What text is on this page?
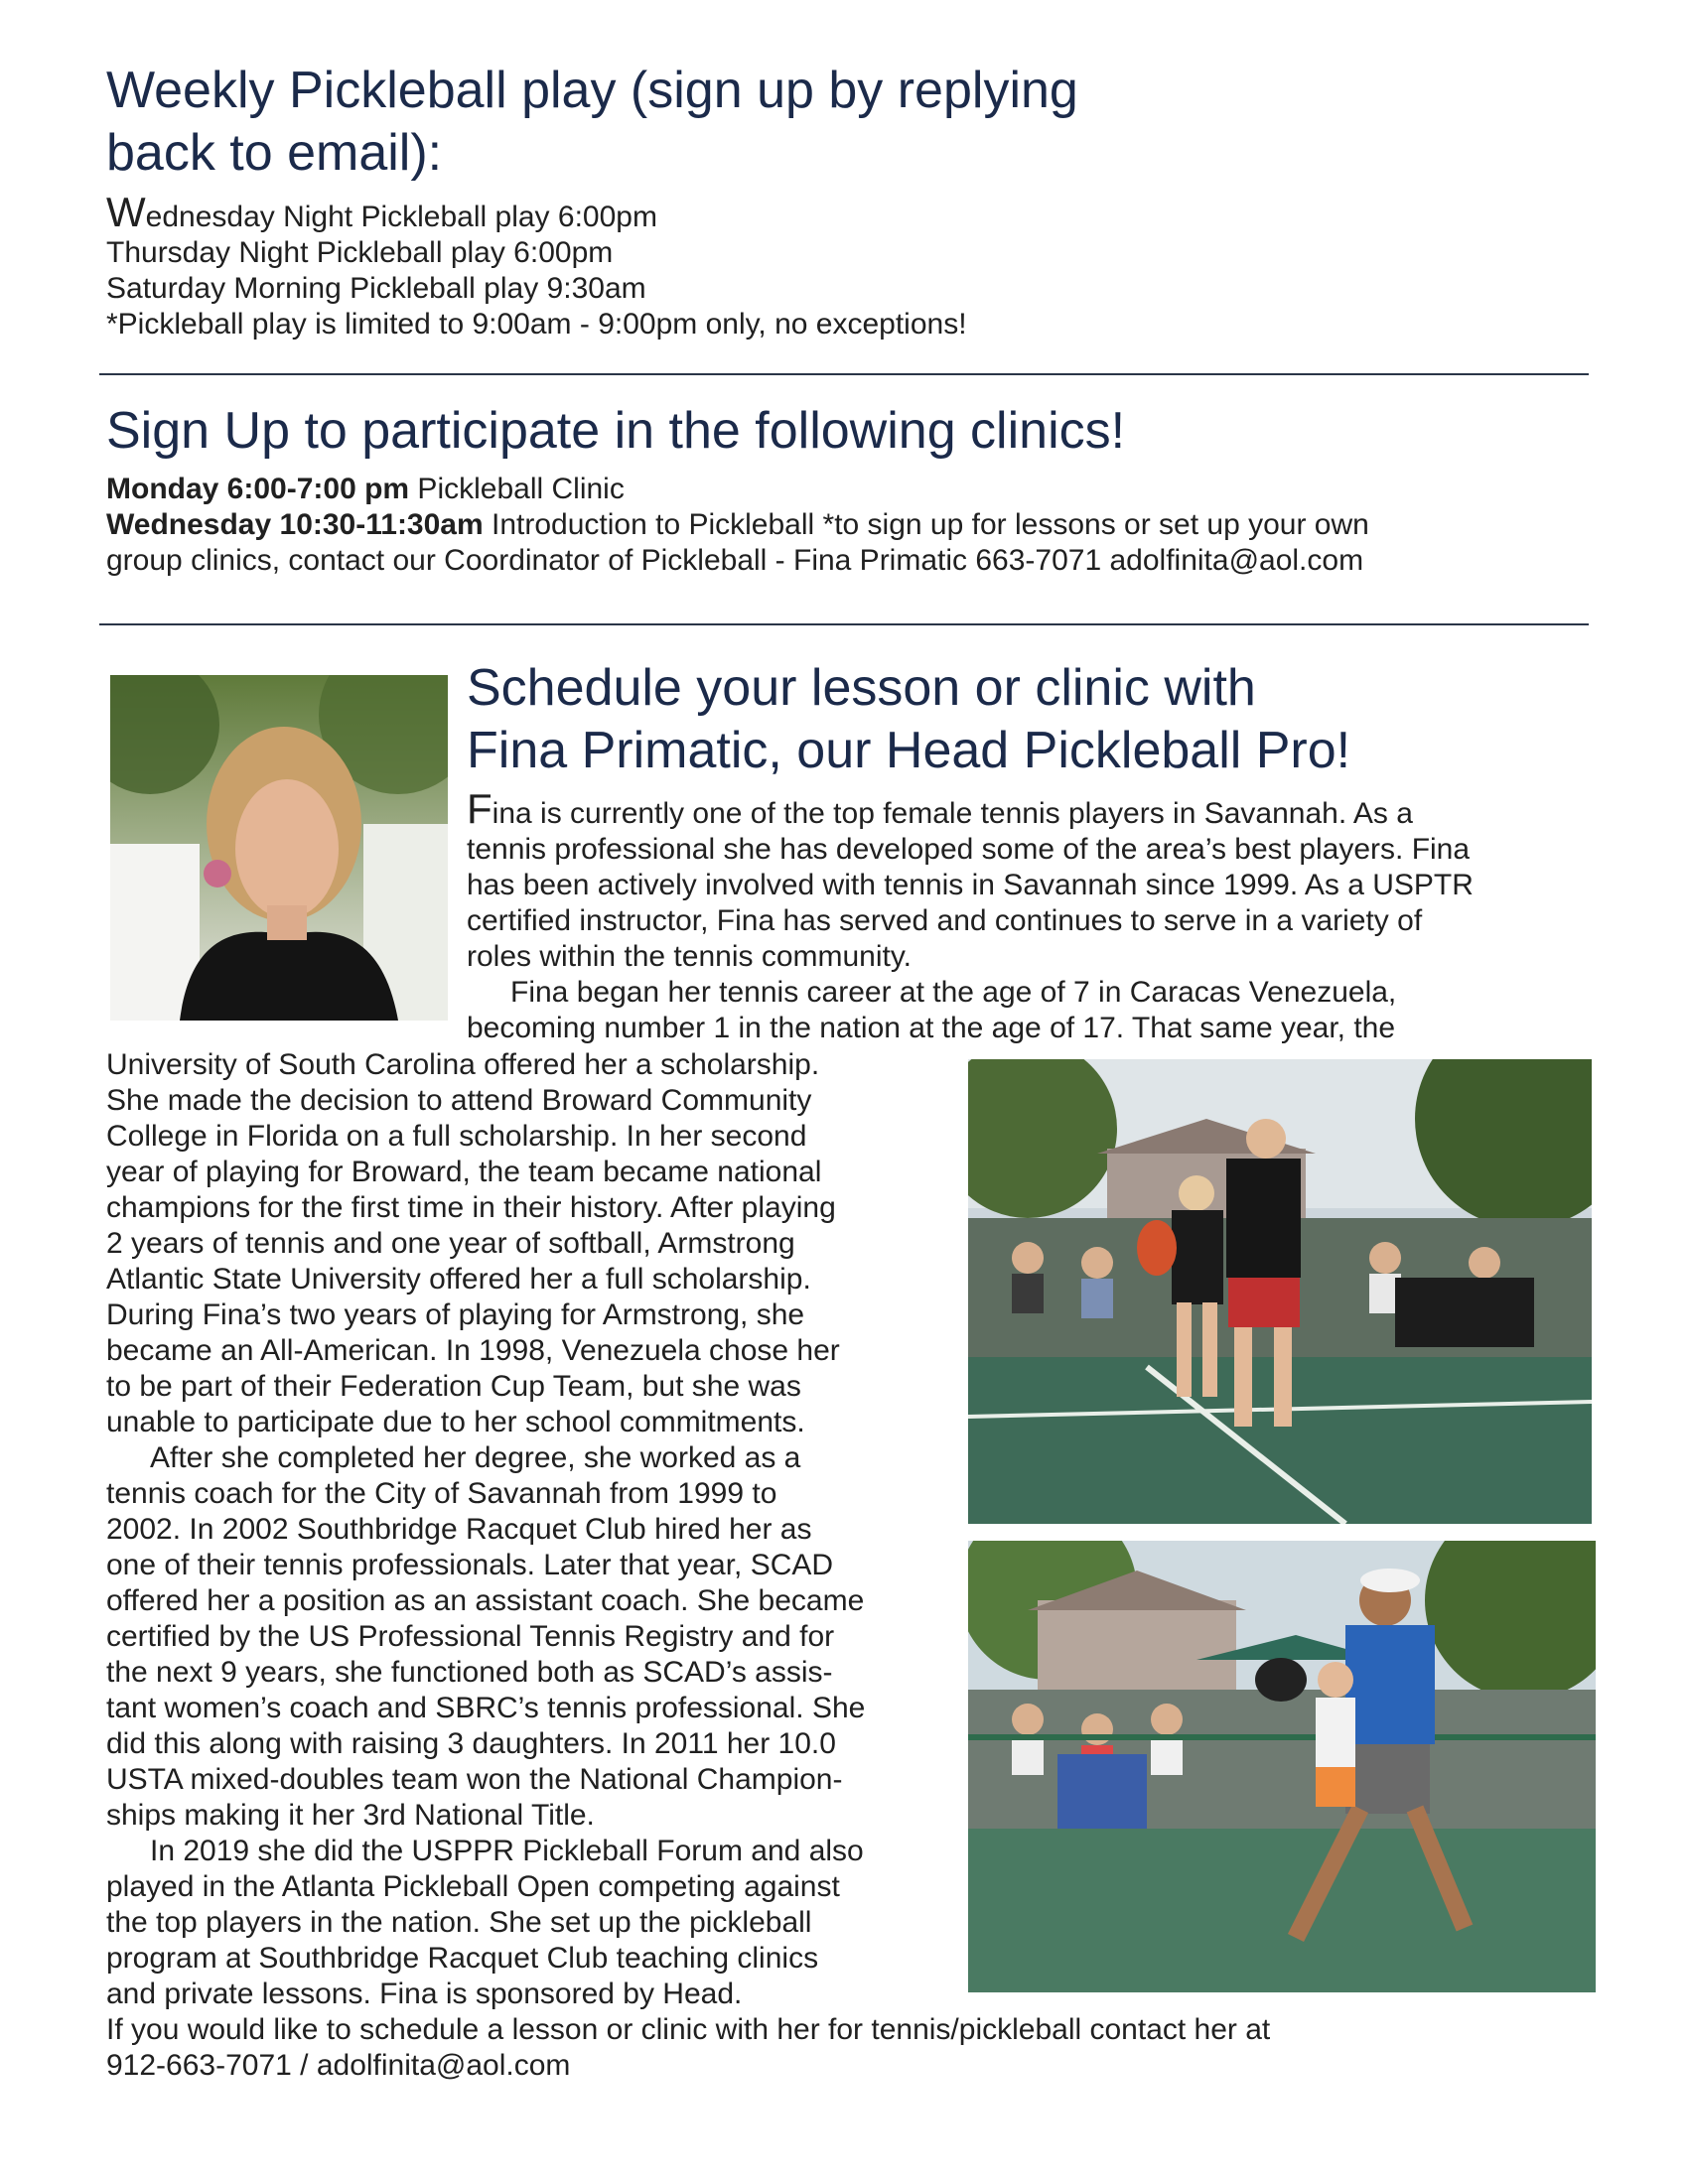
Weekly Pickleball play (sign up by replying
back to email):

Wednesday Night Pickleball play 6:00pm

Thursday Night Pickleball play 6:00pm

Saturday Morning Pickleball play 9:30am

*Pickleball play is limited to 9:00am - 9:00pm only, no exceptions!

Sign Up to participate in the following clinics!

Monday 6:00-7:00 pm Pickleball Clinic

Wednesday 10:30-11:30am Introduction to Pickleball *to sign up for lessons or set up your own

group clinics, contact our Coordinator of Pickleball - Fina Primatic 663-7071 adolfinita@aol.com

Schedule your lesson or clinic with
Fina Primatic, our Head Pickleball Pro!

Fina is currently one of the top female tennis players in Savannah. As a

tennis professional she has developed some of the area’s best players. Fina

has been actively involved with tennis in Savannah since 1999. As a USPTR

certified instructor, Fina has served and continues to serve in a variety of

roles within the tennis community.

Fina began her tennis career at the age of 7 in Caracas Venezuela,

becoming number 1 in the nation at the age of 17. That same year, the

University of South Carolina offered her a scholarship.

She made the decision to attend Broward Community

College in Florida on a full scholarship. In her second

year of playing for Broward, the team became national

champions for the first time in their history. After playing

2 years of tennis and one year of softball, Armstrong

Atlantic State University offered her a full scholarship.

During Fina’s two years of playing for Armstrong, she

became an All-American. In 1998, Venezuela chose her

to be part of their Federation Cup Team, but she was

unable to participate due to her school commitments.

After she completed her degree, she worked as a

tennis coach for the City of Savannah from 1999 to

2002. In 2002 Southbridge Racquet Club hired her as

one of their tennis professionals. Later that year, SCAD

offered her a position as an assistant coach. She became

certified by the US Professional Tennis Registry and for

the next 9 years, she functioned both as SCAD’s assis-

tant women’s coach and SBRC’s tennis professional. She

did this along with raising 3 daughters. In 2011 her 10.0

USTA mixed-doubles team won the National Champion-

ships making it her 3rd National Title.

In 2019 she did the USPPR Pickleball Forum and also

played in the Atlanta Pickleball Open competing against

the top players in the nation. She set up the pickleball

program at Southbridge Racquet Club teaching clinics

and private lessons. Fina is sponsored by Head.

If you would like to schedule a lesson or clinic with her for tennis/pickleball contact her at

912-663-7071 / adolfinita@aol.com
